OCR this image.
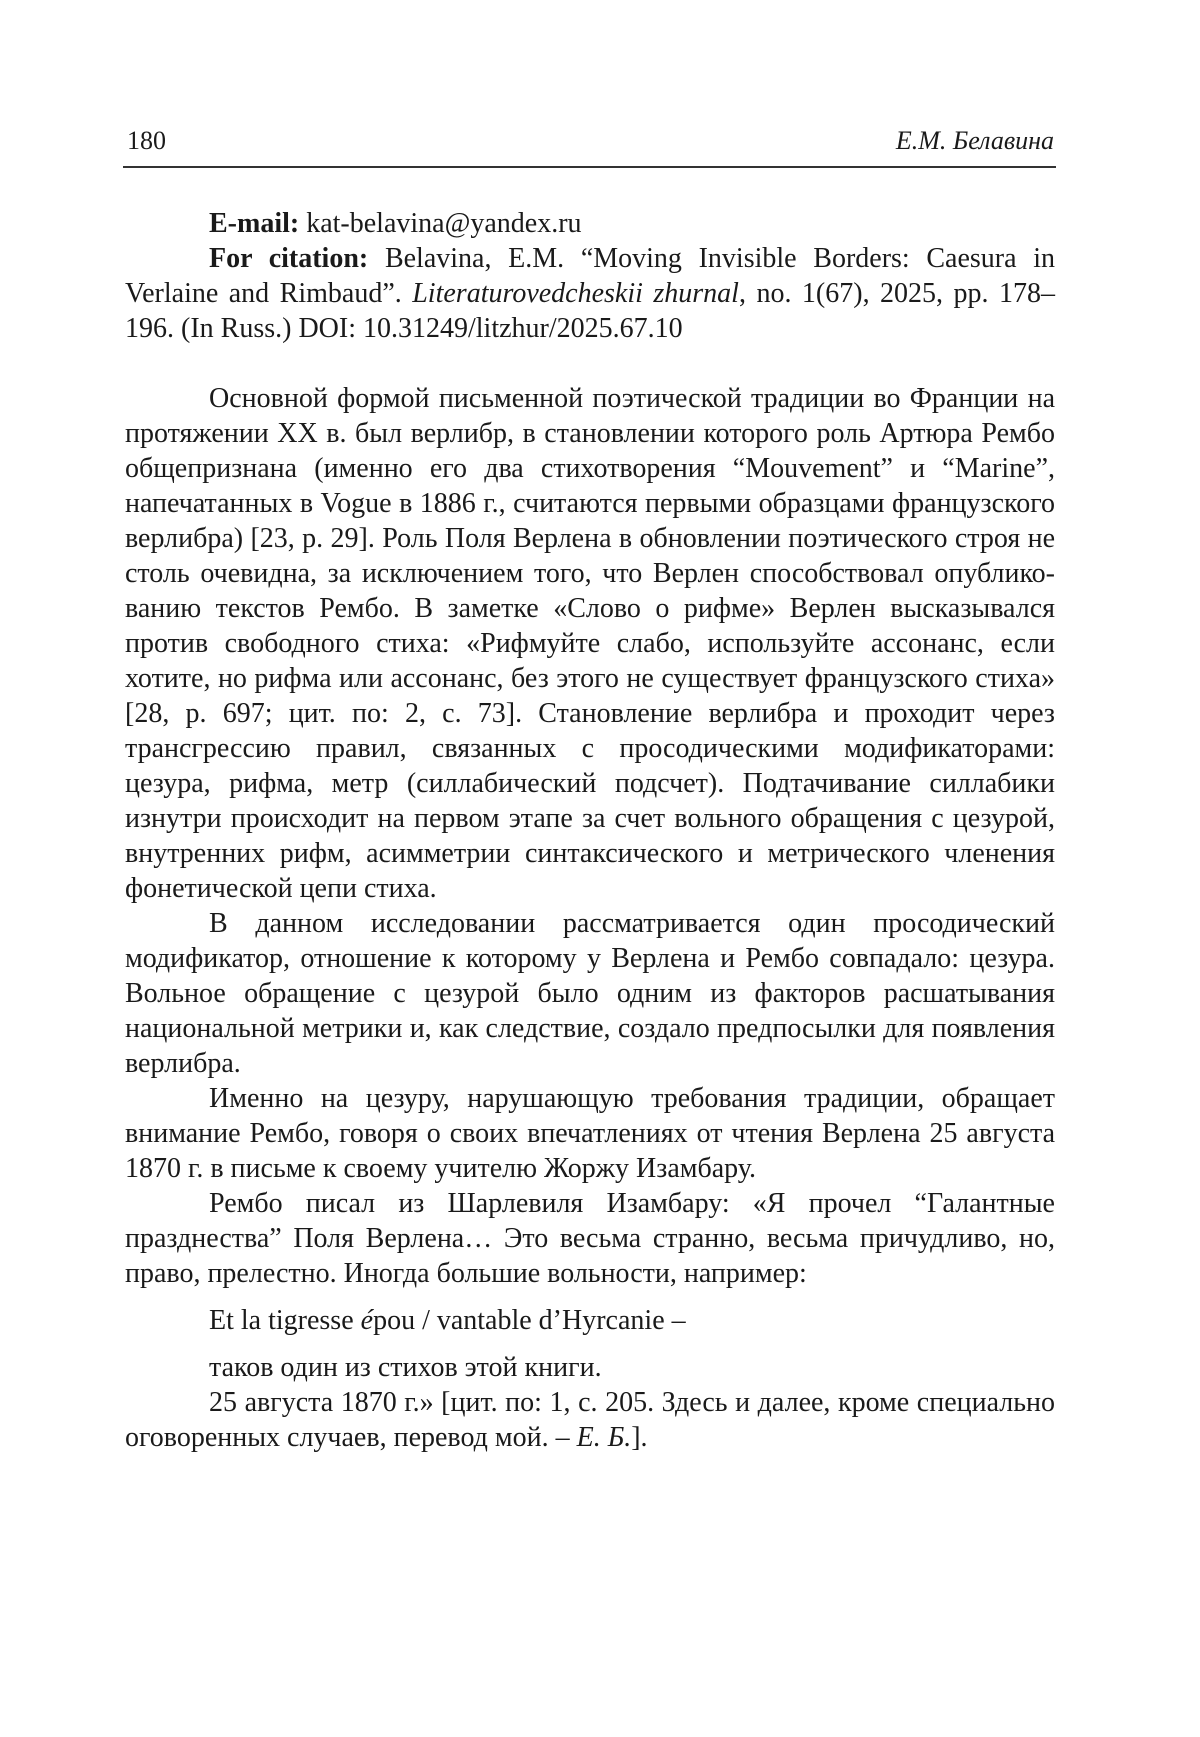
180	Е.М. Белавина

E-mail: kat-belavina@yandex.ru

For citation: Belavina, E.M. “Moving Invisible Borders: Caesura in Verlaine and Rimbaud”. Literaturovedcheskii zhurnal, no. 1(67), 2025, pp. 178–196. (In Russ.) DOI: 10.31249/litzhur/2025.67.10

Основной формой письменной поэтической традиции во Франции на протяжении XX в. был верлибр, в становлении которого роль Артюра Рембо общепризнана (именно его два стихотворения “Mouvement” и “Marine”, напечатанных в Vogue в 1886 г., считаются первыми образцами французского верлибра) [23, p. 29]. Роль Поля Верлена в обновлении поэтического строя не столь очевидна, за исключением того, что Верлен способствовал опубликованию текстов Рембо. В заметке «Слово о рифме» Верлен высказывался против свободного стиха: «Рифмуйте слабо, используйте ассонанс, если хотите, но рифма или ассонанс, без этого не существует французского стиха» [28, p. 697; цит. по: 2, с. 73]. Становление верлибра и проходит через трансгрессию правил, связанных с просодическими модификаторами: цезура, рифма, метр (силлабический подсчет). Подтачивание силлабики изнутри происходит на первом этапе за счет вольного обращения с цезурой, внутренних рифм, асимметрии синтаксического и метрического членения фонетической цепи стиха.

В данном исследовании рассматривается один просодический модификатор, отношение к которому у Верлена и Рембо совпадало: цезура. Вольное обращение с цезурой было одним из факторов расшатывания национальной метрики и, как следствие, создало предпосылки для появления верлибра.

Именно на цезуру, нарушающую требования традиции, обращает внимание Рембо, говоря о своих впечатлениях от чтения Верлена 25 августа 1870 г. в письме к своему учителю Жоржу Изамбару.

Рембо писал из Шарлевиля Изамбару: «Я прочел “Галантные празднества” Поля Верлена… Это весьма странно, весьма причудливо, но, право, прелестно. Иногда большие вольности, например:

Et la tigresse épou / vantable d’Hyrcanie –

таков один из стихов этой книги.

25 августа 1870 г.» [цит. по: 1, с. 205. Здесь и далее, кроме специально оговоренных случаев, перевод мой. – Е. Б.].
